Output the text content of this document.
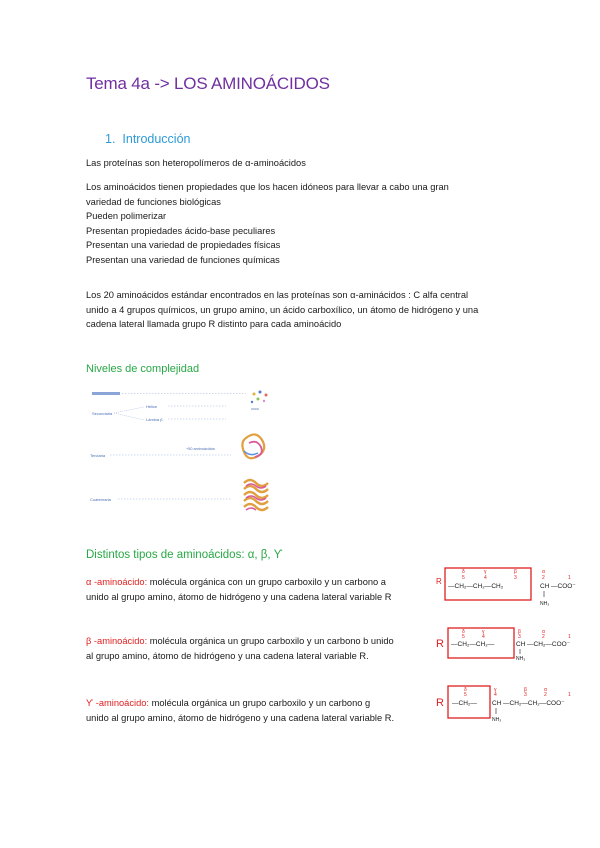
Tema 4a -> LOS AMINOÁCIDOS
1. Introducción
Las proteínas son heteropolímeros de α-aminoácidos
Los aminoácidos tienen propiedades que los hacen idóneos para llevar a cabo una gran
variedad de funciones biológicas
Pueden polimerizar
Presentan propiedades ácido-base peculiares
Presentan una variedad de propiedades físicas
Presentan una variedad de funciones químicas
Los 20 aminoácidos estándar encontrados en las proteínas son α-aminácidos : C alfa central
unido a 4 grupos químicos, un grupo amino, un ácido carboxílico, un átomo de hidrógeno y una
cadena lateral llamada grupo R distinto para cada aminoácido
Niveles de complejidad
Secundaria
Hélice
Lámina β
Terciaria
+50 aminoácidos
Cuaternaria
oooo
Distintos tipos de aminoácidos: α, β, Ƴ
α -aminoácido: molécula orgánica con un grupo carboxilo y un carbono a
unido al grupo amino, átomo de hidrógeno y una cadena lateral variable R
β -aminoácido: molécula orgánica un grupo carboxilo y un carbono b unido
al grupo amino, átomo de hidrógeno y una cadena lateral variable R.
Ƴ -aminoácido: molécula orgánica un grupo carboxilo y un carbono g
unido al grupo amino, átomo de hidrógeno y una cadena lateral variable R.
R
δ	γ	β	α
5	4	3	2	1
—CH₂—CH₂—CH₂	CH —COO⁻
NH₃
R
δ	γ	β	α
5	4	3	2	1
—CH₂—CH₂—	CH —CH₂—COO⁻
NH₃
R
δ	γ	β	α
5	4	3	2	1
—CH₂— CH —CH₂—CH₂—COO⁻
NH₃
